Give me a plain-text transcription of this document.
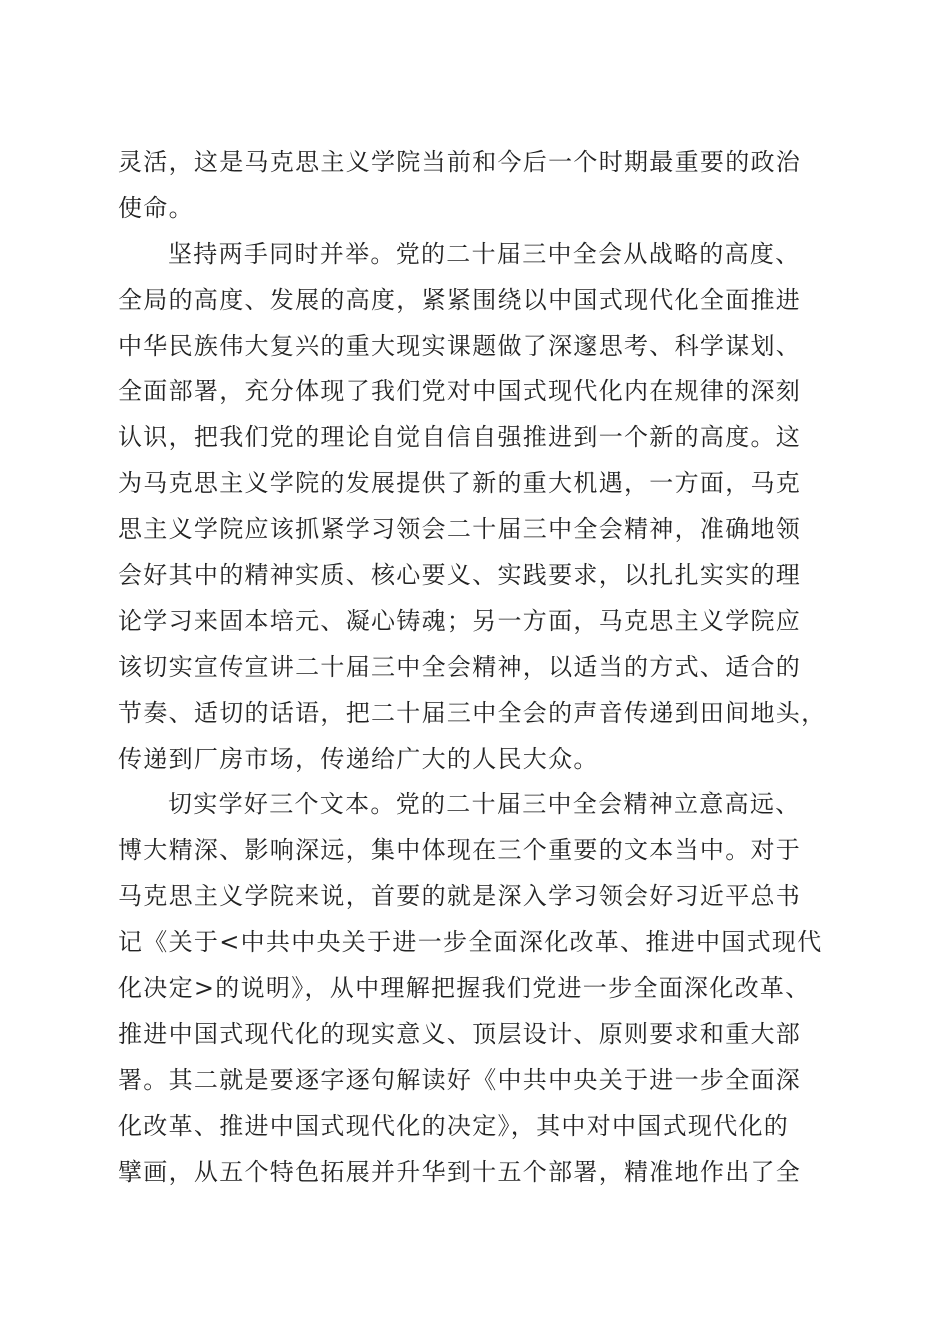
灵活，这是马克思主义学院当前和今后一个时期最重要的政治
使命。
坚持两手同时并举。党的二十届三中全会从战略的高度、
全局的高度、发展的高度，紧紧围绕以中国式现代化全面推进
中华民族伟大复兴的重大现实课题做了深邃思考、科学谋划、
全面部署，充分体现了我们党对中国式现代化内在规律的深刻
认识，把我们党的理论自觉自信自强推进到一个新的高度。这
为马克思主义学院的发展提供了新的重大机遇，一方面，马克
思主义学院应该抓紧学习领会二十届三中全会精神，准确地领
会好其中的精神实质、核心要义、实践要求，以扎扎实实的理
论学习来固本培元、凝心铸魂；另一方面，马克思主义学院应
该切实宣传宣讲二十届三中全会精神，以适当的方式、适合的
节奏、适切的话语，把二十届三中全会的声音传递到田间地头，
传递到厂房市场，传递给广大的人民大众。
切实学好三个文本。党的二十届三中全会精神立意高远、
博大精深、影响深远，集中体现在三个重要的文本当中。对于
马克思主义学院来说，首要的就是深入学习领会好习近平总书
记《关于<中共中央关于进一步全面深化改革、推进中国式现代
化决定>的说明》，从中理解把握我们党进一步全面深化改革、
推进中国式现代化的现实意义、顶层设计、原则要求和重大部
署。其二就是要逐字逐句解读好《中共中央关于进一步全面深
化改革、推进中国式现代化的决定》，其中对中国式现代化的
擘画，从五个特色拓展并升华到十五个部署，精准地作出了全
